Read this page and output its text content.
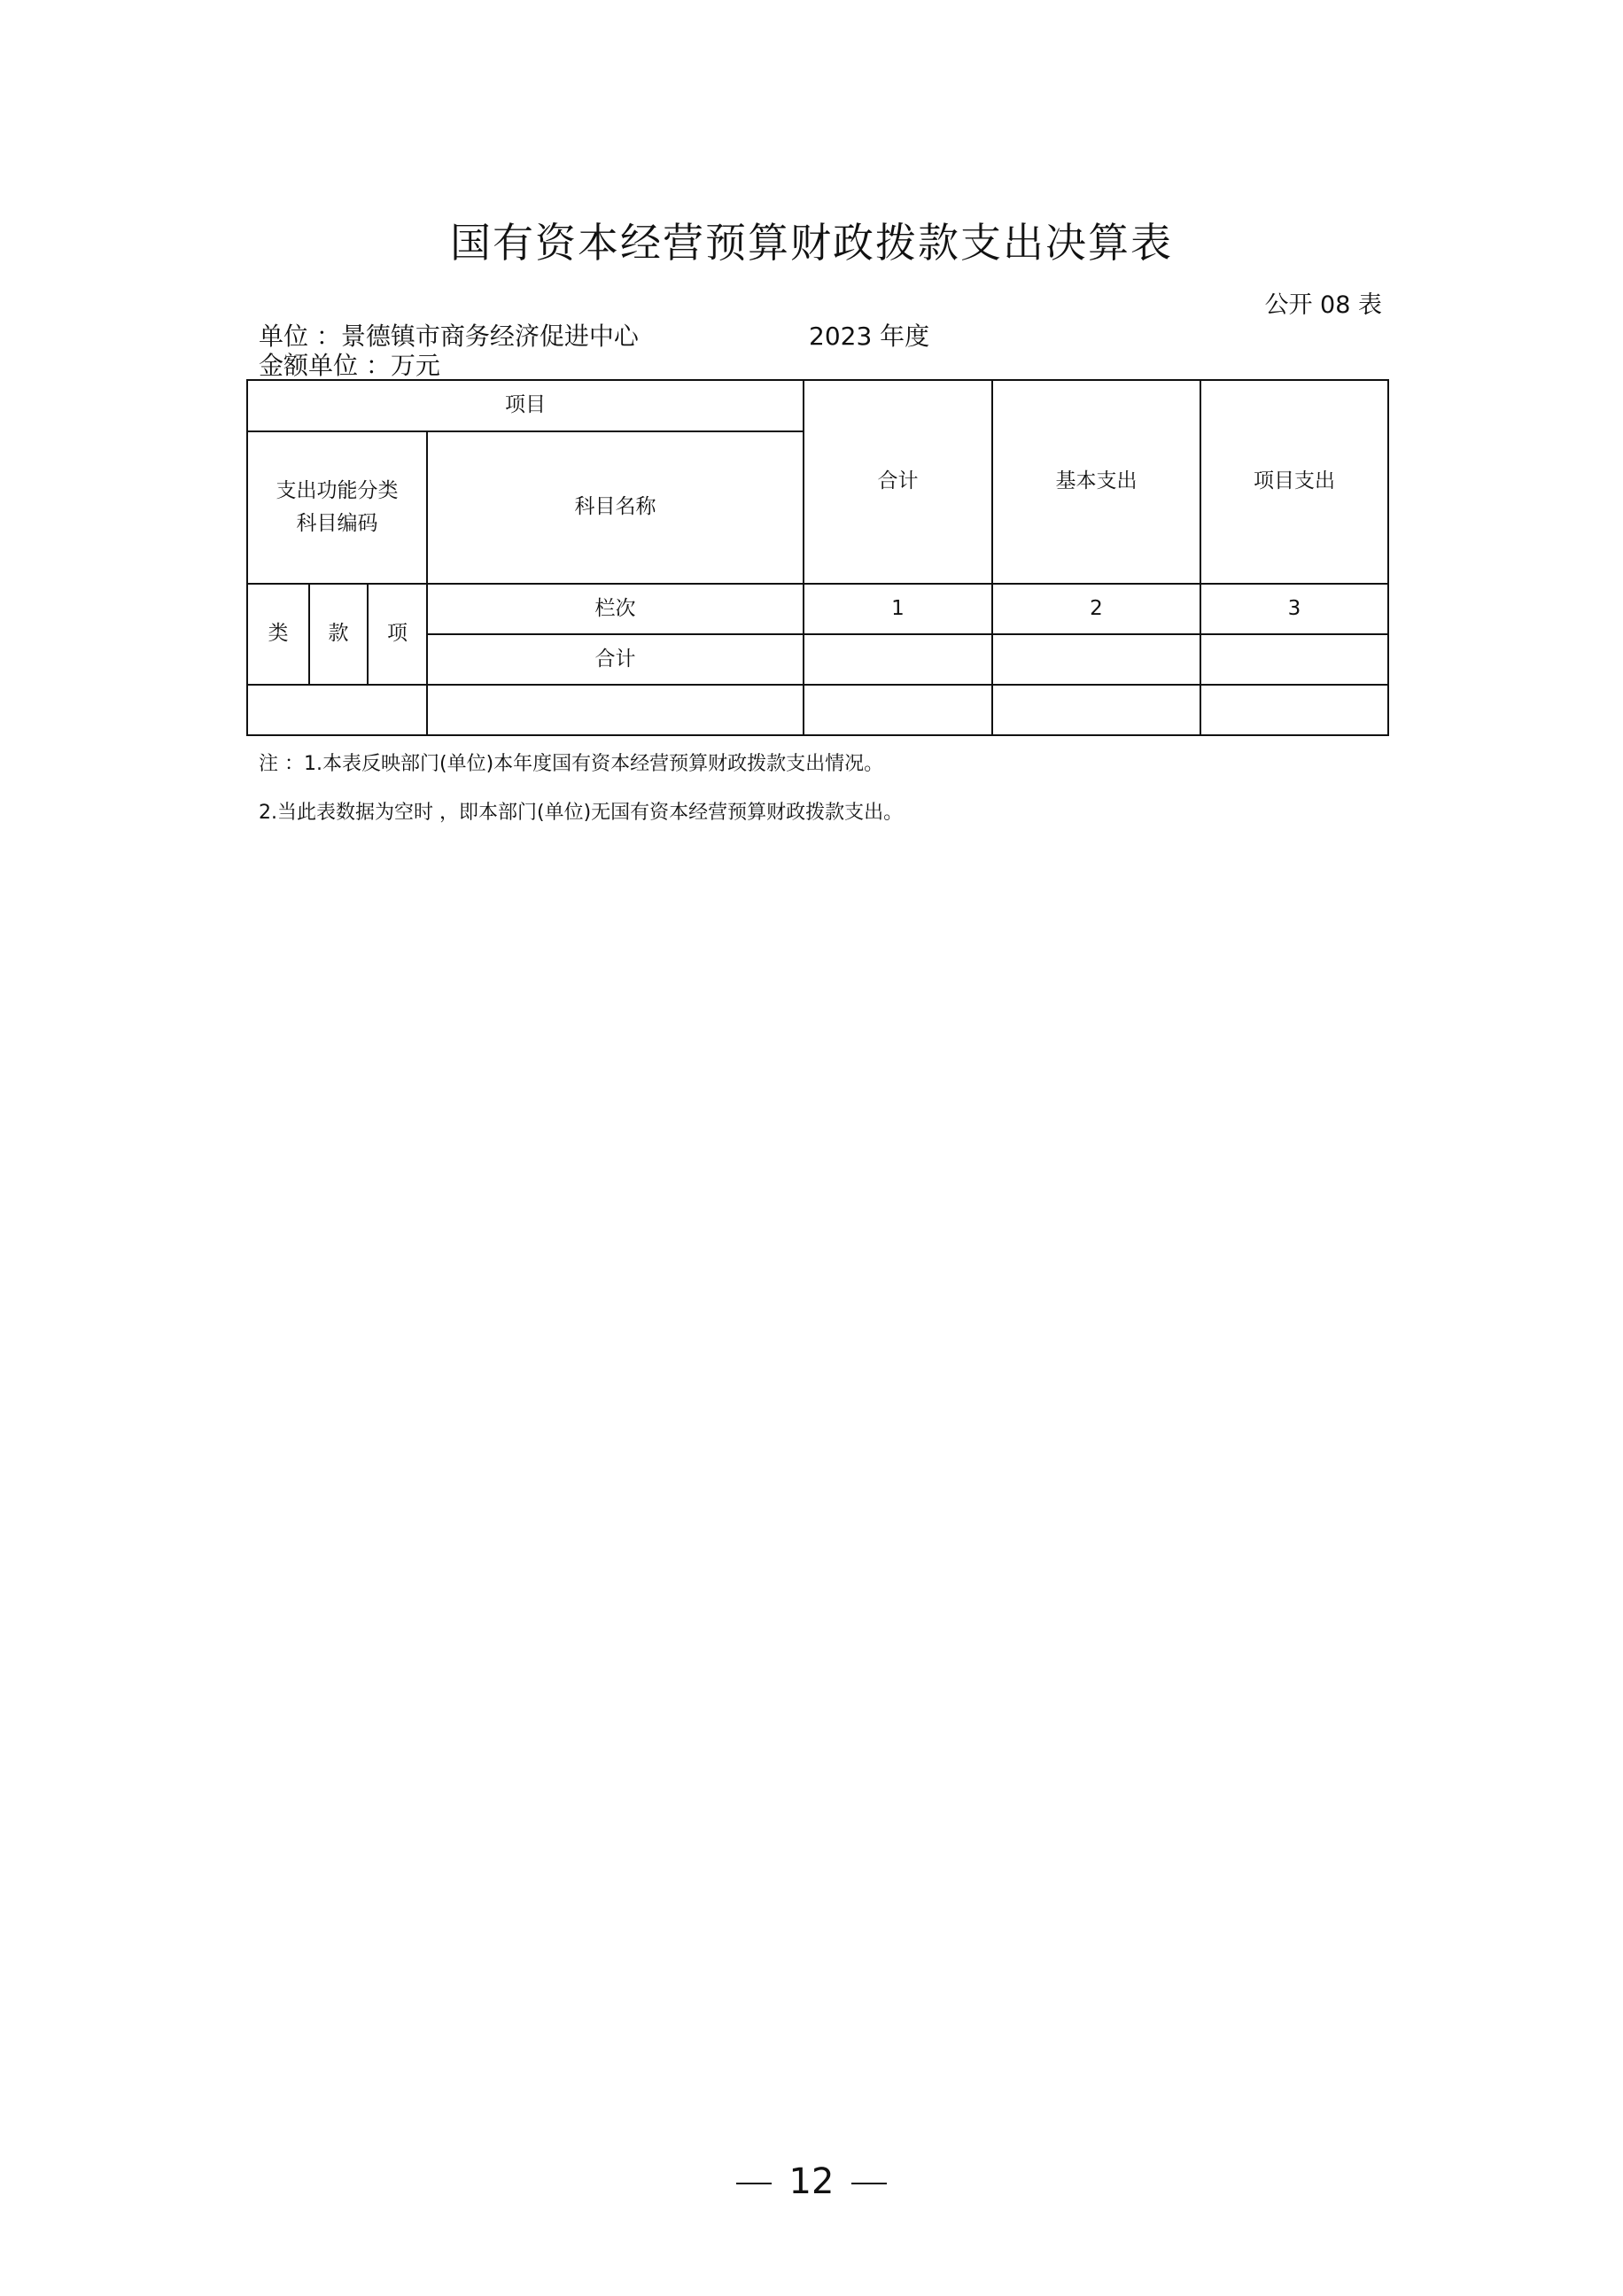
国有资本经营预算财政拨款支出决算表
公开 08 表
单位 ：景德镇市商务经济促进中心	2023 年度
金额单位 ：万元
项目				合计	基本支出	项目支出

支出功能分类科目编码			科目名称			
类	款	项	栏次	1	2	3
			合计			

注 ：1.本表反映部门(单位)本年度国有资本经营预算财政拨款支出情况。
2.当此表数据为空时 ，即本部门(单位)无国有资本经营预算财政拨款支出。
12
